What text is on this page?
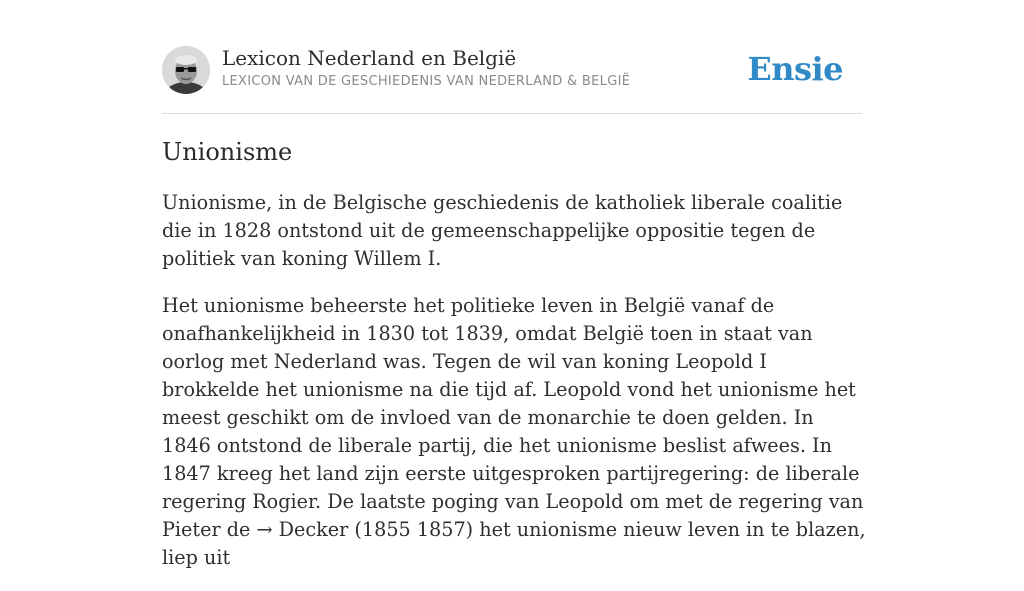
Lexicon Nederland en België
LEXICON VAN DE GESCHIEDENIS VAN NEDERLAND & BELGIË	Ensie
Unionisme

Unionisme, in de Belgische geschiedenis de katholiek liberale coalitie die in 1828 ontstond uit de gemeenschappelijke oppositie tegen de politiek van koning Willem I.

Het unionisme beheerste het politieke leven in België vanaf de onafhankelijkheid in 1830 tot 1839, omdat België toen in staat van oorlog met Nederland was. Tegen de wil van koning Leopold I brokkelde het unionisme na die tijd af. Leopold vond het unionisme het meest geschikt om de invloed van de monarchie te doen gelden. In 1846 ontstond de liberale partij, die het unionisme beslist afwees. In 1847 kreeg het land zijn eerste uitgesproken partijregering: de liberale regering Rogier. De laatste poging van Leopold om met de regering van Pieter de → Decker (1855 1857) het unionisme nieuw leven in te blazen, liep uit
